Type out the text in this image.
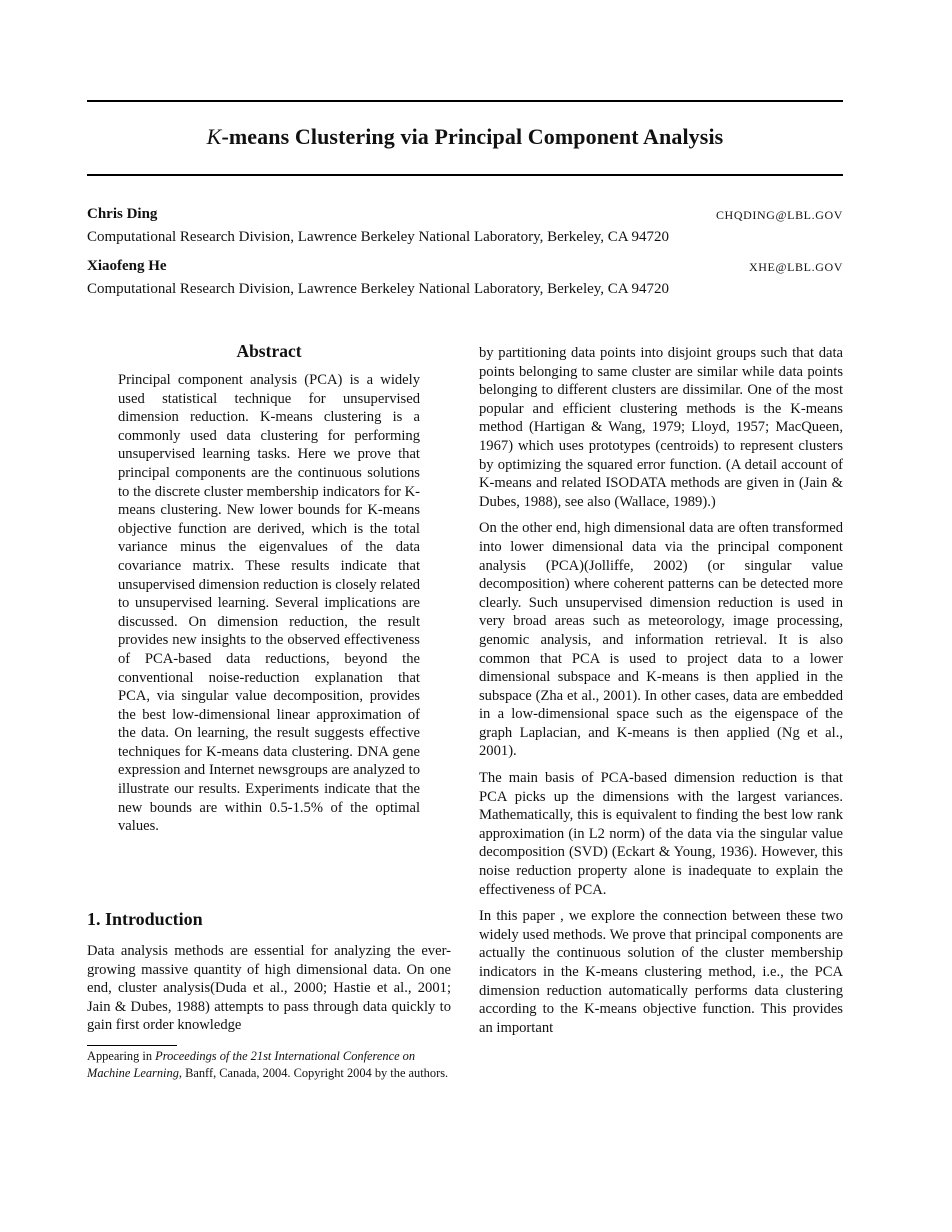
K-means Clustering via Principal Component Analysis
Chris Ding	CHQDING@LBL.GOV
Computational Research Division, Lawrence Berkeley National Laboratory, Berkeley, CA 94720
Xiaofeng He	XHE@LBL.GOV
Computational Research Division, Lawrence Berkeley National Laboratory, Berkeley, CA 94720
Abstract

Principal component analysis (PCA) is a widely used statistical technique for unsupervised dimension reduction. K-means clustering is a commonly used data clustering for performing unsupervised learning tasks. Here we prove that principal components are the continuous solutions to the discrete cluster membership indicators for K-means clustering. New lower bounds for K-means objective function are derived, which is the total variance minus the eigenvalues of the data covariance matrix. These results indicate that unsupervised dimension reduction is closely related to unsupervised learning. Several implications are discussed. On dimension reduction, the result provides new insights to the observed effectiveness of PCA-based data reductions, beyond the conventional noise-reduction explanation that PCA, via singular value decomposition, provides the best low-dimensional linear approximation of the data. On learning, the result suggests effective techniques for K-means data clustering. DNA gene expression and Internet newsgroups are analyzed to illustrate our results. Experiments indicate that the new bounds are within 0.5-1.5% of the optimal values.

1. Introduction

Data analysis methods are essential for analyzing the ever-growing massive quantity of high dimensional data. On one end, cluster analysis(Duda et al., 2000; Hastie et al., 2001; Jain & Dubes, 1988) attempts to pass through data quickly to gain first order knowledge

Appearing in Proceedings of the 21st International Conference on Machine Learning, Banff, Canada, 2004. Copyright 2004 by the authors.

by partitioning data points into disjoint groups such that data points belonging to same cluster are similar while data points belonging to different clusters are dissimilar. One of the most popular and efficient clustering methods is the K-means method (Hartigan & Wang, 1979; Lloyd, 1957; MacQueen, 1967) which uses prototypes (centroids) to represent clusters by optimizing the squared error function. (A detail account of K-means and related ISODATA methods are given in (Jain & Dubes, 1988), see also (Wallace, 1989).)

On the other end, high dimensional data are often transformed into lower dimensional data via the principal component analysis (PCA)(Jolliffe, 2002) (or singular value decomposition) where coherent patterns can be detected more clearly. Such unsupervised dimension reduction is used in very broad areas such as meteorology, image processing, genomic analysis, and information retrieval. It is also common that PCA is used to project data to a lower dimensional subspace and K-means is then applied in the subspace (Zha et al., 2001). In other cases, data are embedded in a low-dimensional space such as the eigenspace of the graph Laplacian, and K-means is then applied (Ng et al., 2001).

The main basis of PCA-based dimension reduction is that PCA picks up the dimensions with the largest variances. Mathematically, this is equivalent to finding the best low rank approximation (in L2 norm) of the data via the singular value decomposition (SVD) (Eckart & Young, 1936). However, this noise reduction property alone is inadequate to explain the effectiveness of PCA.

In this paper , we explore the connection between these two widely used methods. We prove that principal components are actually the continuous solution of the cluster membership indicators in the K-means clustering method, i.e., the PCA dimension reduction automatically performs data clustering according to the K-means objective function. This provides an important
